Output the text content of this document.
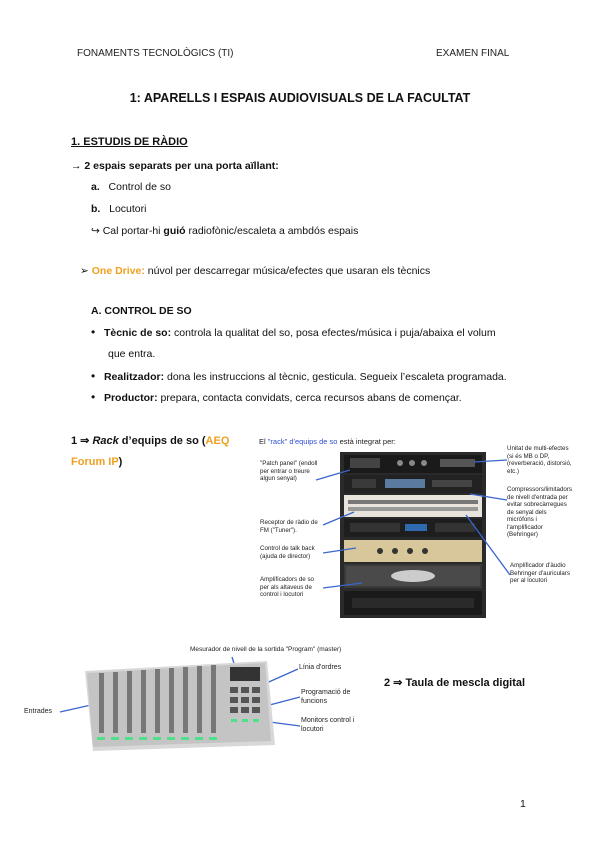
FONAMENTS TECNOLÒGICS (TI)	EXAMEN FINAL
1: APARELLS I ESPAIS AUDIOVISUALS DE LA FACULTAT
1. ESTUDIS DE RÀDIO
→ 2 espais separats per una porta aïllant:
a. Control de so
b. Locutori
↪ Cal portar-hi guió radiofònic/escaleta a ambdós espais
➢ One Drive: núvol per descarregar música/efectes que usaran els tècnics
A. CONTROL DE SO
• Tècnic de so: controla la qualitat del so, posa efectes/música i puja/abaixa el volum
que entra.
• Realitzador: dona les instruccions al tècnic, gesticula. Segueix l’escaleta programada.
• Productor: prepara, contacta convidats, cerca recursos abans de començar.
1 ⇒ Rack d’equips de so (AEQ
Forum IP)
El "rack" d'equips de so està integrat per:
"Patch panel" (endoll per entrar o treure algun senyal)
Receptor de ràdio de FM ("Tuner").
Control de talk back (ajuda de director)
Amplificadors de so per als altaveus de control i locutori
Unitat de multi-efectes (si és MB o DP, (reverberació, distorsió, etc.)
Compressors/limitadors de nivell d'entrada per evitar sobrecàrregues de senyal dels micròfons i l'amplificador (Behringer)
Amplificador d'àudio Behringer d'auriculars per al locutori
Mesurador de nivell de la sortida "Program" (master)
Línia d'ordres
Programació de funcions
Monitors control i locutori
Entrades
2 ⇒ Taula de mescla digital
1
